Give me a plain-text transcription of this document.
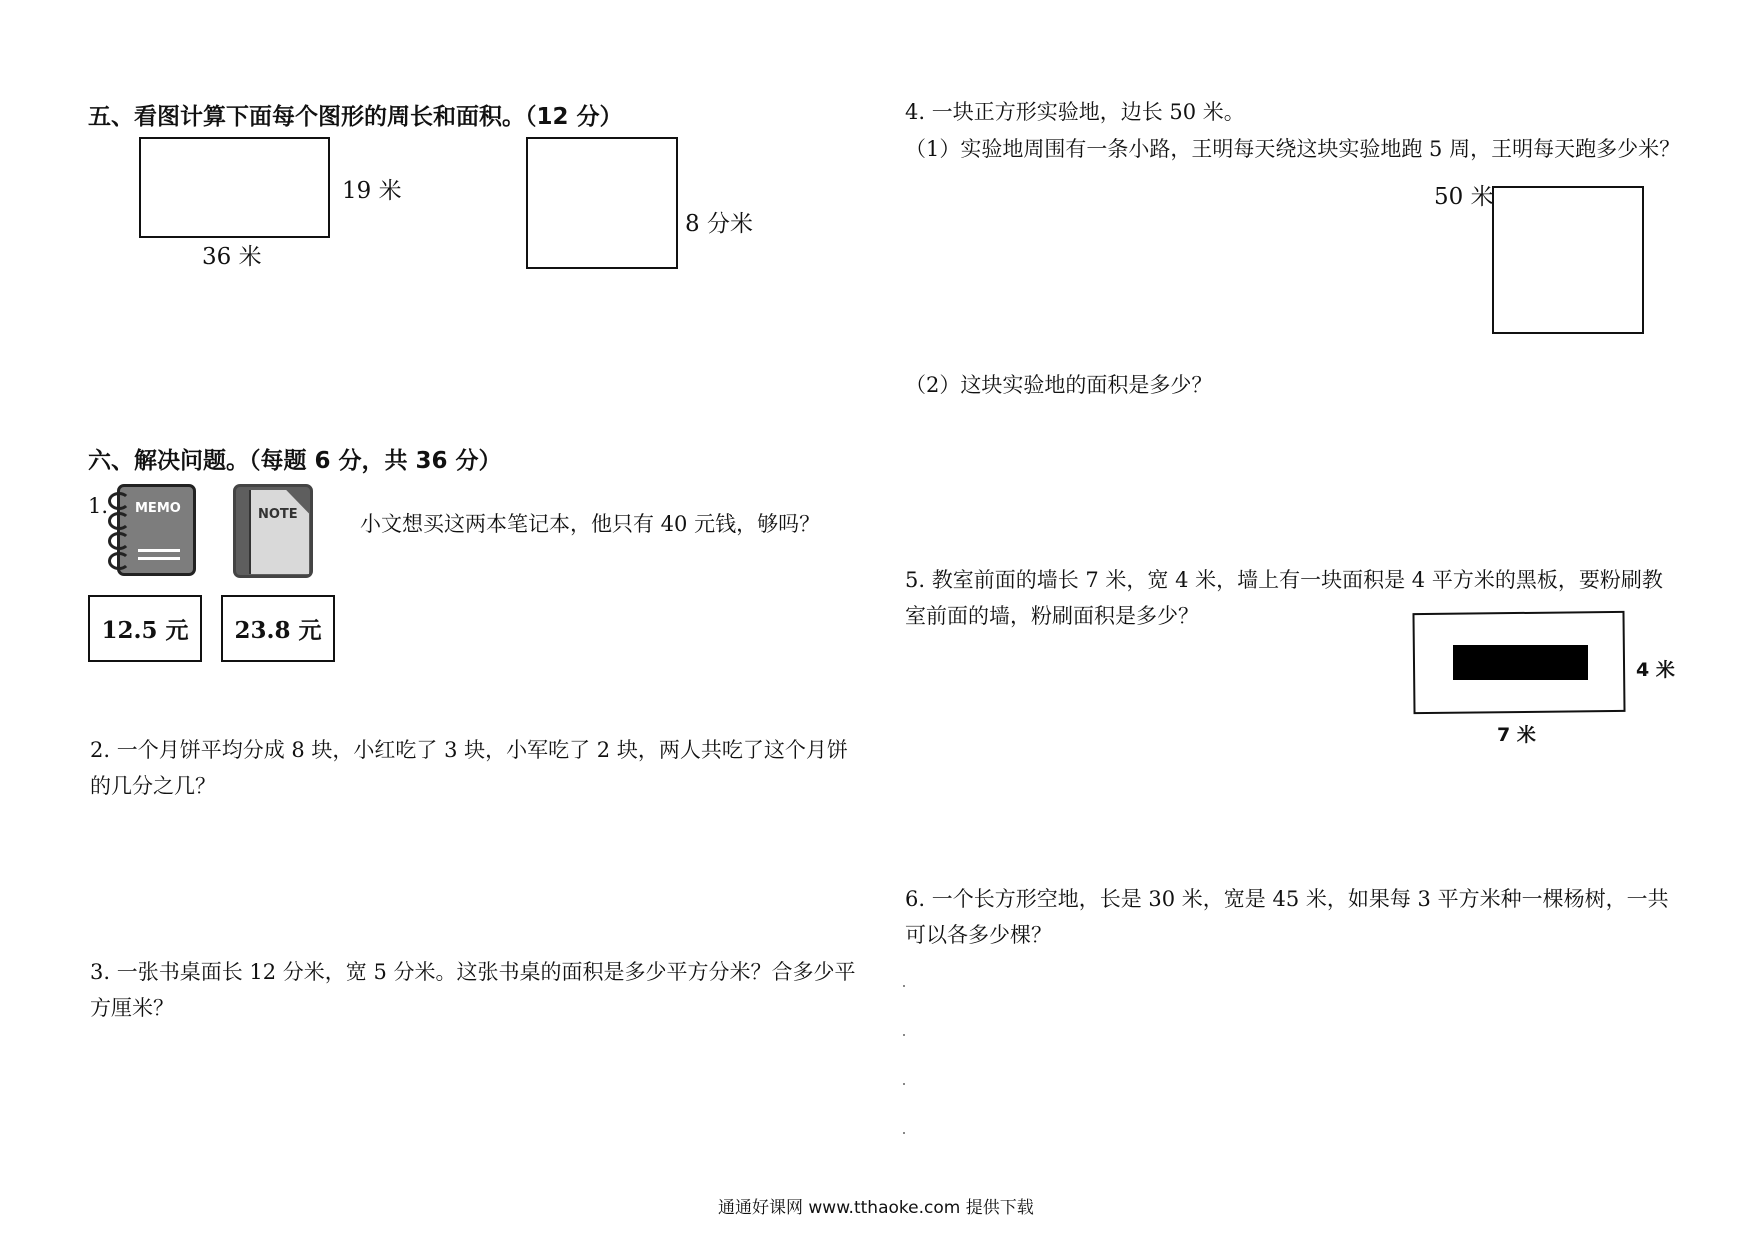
五、看图计算下面每个图形的周长和面积。（12 分）
19 米
36 米
8 分米
六、解决问题。（每题 6 分，共 36 分）
1. MEMO	NOTE	小文想买这两本笔记本，他只有 40 元钱，够吗？
12.5 元	23.8 元
2. 一个月饼平均分成 8 块，小红吃了 3 块，小军吃了 2 块，两人共吃了这个月饼
的几分之几？
3. 一张书桌面长 12 分米，宽 5 分米。这张书桌的面积是多少平方分米？合多少平
方厘米？
4. 一块正方形实验地，边长 50 米。
（1）实验地周围有一条小路，王明每天绕这块实验地跑 5 周，王明每天跑多少米？
50 米
（2）这块实验地的面积是多少？
5. 教室前面的墙长 7 米，宽 4 米，墙上有一块面积是 4 平方米的黑板，要粉刷教
室前面的墙，粉刷面积是多少？
4 米
7 米
6. 一个长方形空地，长是 30 米，宽是 45 米，如果每 3 平方米种一棵杨树，一共
可以各多少棵？
通通好课网 www.tthaoke.com 提供下载
